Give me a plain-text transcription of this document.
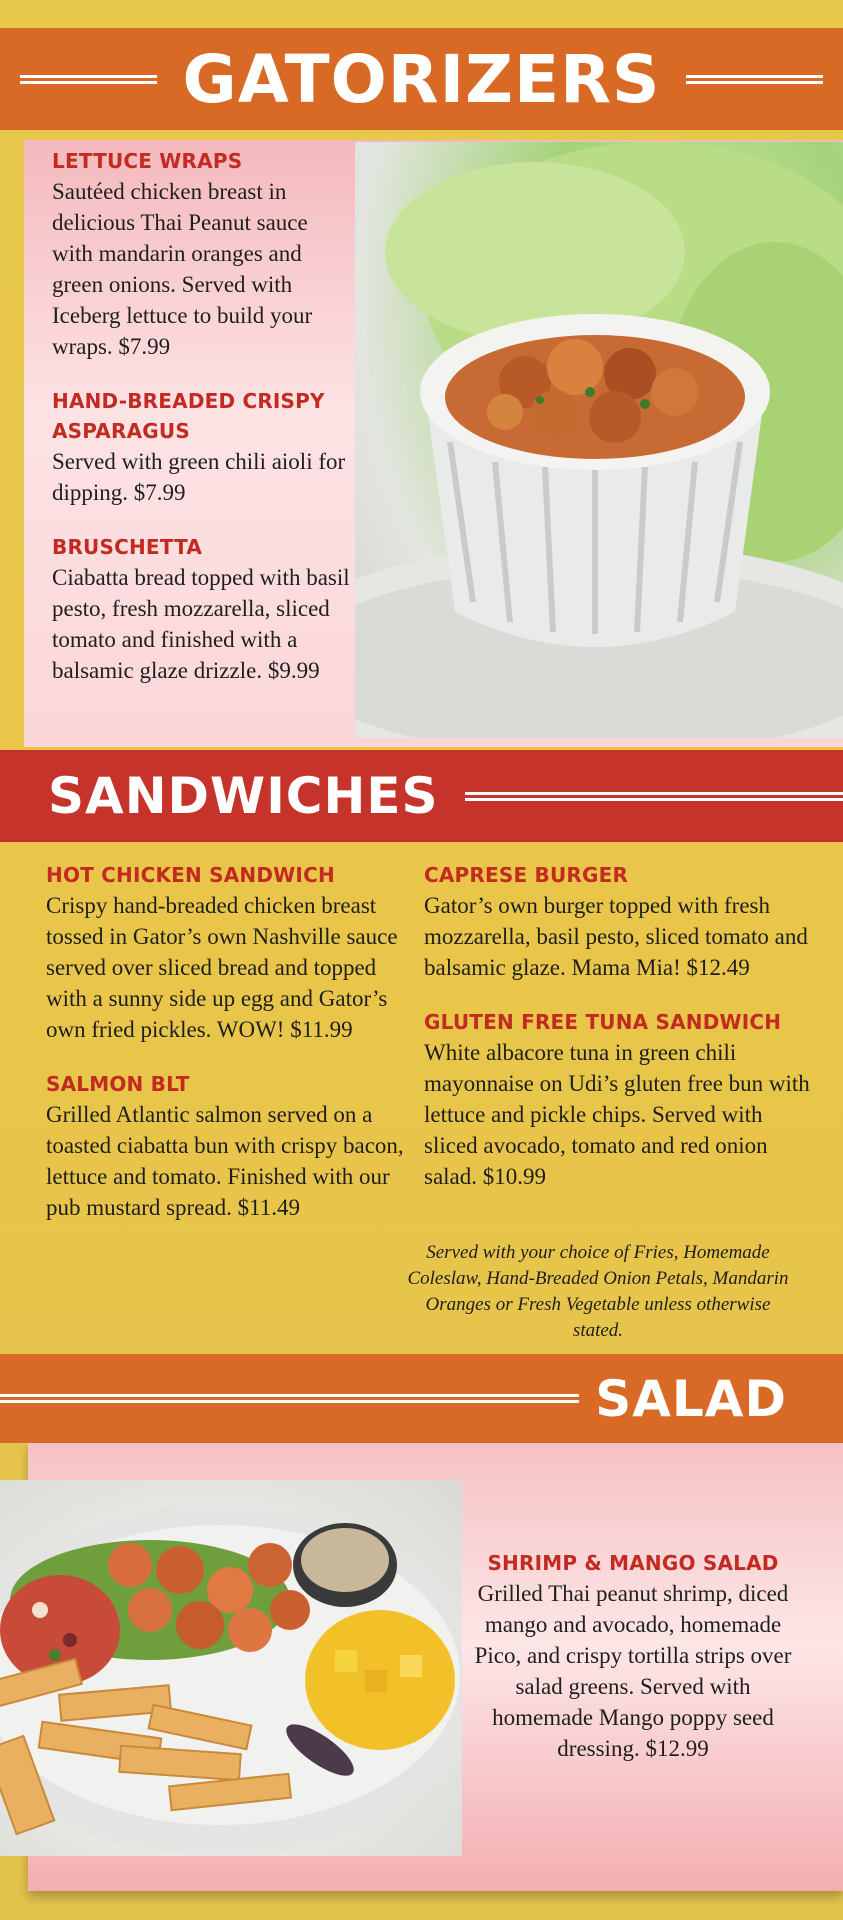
GATORIZERS
LETTUCE WRAPS
Sautéed chicken breast in delicious Thai Peanut sauce with mandarin oranges and green onions. Served with Iceberg lettuce to build your wraps. $7.99
HAND-BREADED CRISPY ASPARAGUS
Served with green chili aioli for dipping. $7.99
BRUSCHETTA
Ciabatta bread topped with basil pesto, fresh mozzarella, sliced tomato and finished with a balsamic glaze drizzle. $9.99
SANDWICHES
HOT CHICKEN SANDWICH
Crispy hand-breaded chicken breast tossed in Gator’s own Nashville sauce served over sliced bread and topped with a sunny side up egg and Gator’s own fried pickles. WOW! $11.99
SALMON BLT
Grilled Atlantic salmon served on a toasted ciabatta bun with crispy bacon, lettuce and tomato. Finished with our pub mustard spread. $11.49
CAPRESE BURGER
Gator’s own burger topped with fresh mozzarella, basil pesto, sliced tomato and balsamic glaze. Mama Mia! $12.49
GLUTEN FREE TUNA SANDWICH
White albacore tuna in green chili mayonnaise on Udi’s gluten free bun with lettuce and pickle chips. Served with sliced avocado, tomato and red onion salad. $10.99
Served with your choice of Fries, Homemade Coleslaw, Hand-Breaded Onion Petals, Mandarin Oranges or Fresh Vegetable unless otherwise stated.
SALAD
SHRIMP & MANGO SALAD
Grilled Thai peanut shrimp, diced mango and avocado, homemade Pico, and crispy tortilla strips over salad greens. Served with homemade Mango poppy seed dressing. $12.99
